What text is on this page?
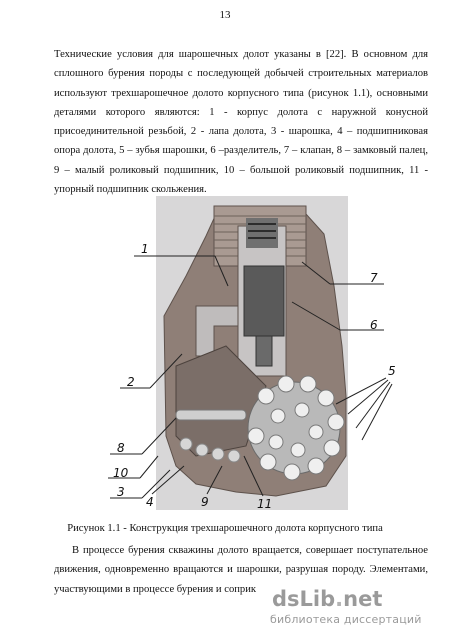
13
Технические условия для шарошечных долот указаны в [22]. В основном для
сплошного бурения породы с последующей добычей строительных материалов
используют трехшарошечное долото корпусного типа (рисунок 1.1), основными
деталями которого являются: 1 - корпус долота с наружной конусной
присоединительной резьбой, 2 - лапа долота, 3 - шарошка, 4 – подшипниковая
опора долота, 5 – зубья шарошки, 6 –разделитель, 7 – клапан, 8 – замковый палец,
9 – малый роликовый подшипник, 10 – большой роликовый подшипник, 11 -
упорный подшипник скольжения.
1
7
6
2
5
8
10
3
4	9	11
Рисунок 1.1 - Конструкция трехшарошечного долота корпусного типа
В процессе бурения скважины долото вращается, совершает поступательное
движения, одновременно вращаются и шарошки, разрушая породу. Элементами,
участвующими в процессе бурения и соприк dsLib.net
библиотека диссертаций
